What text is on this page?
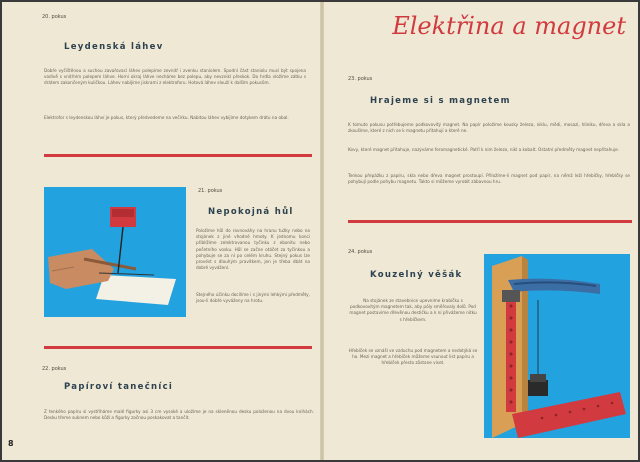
20. pokus
Leydenská láhev
Dobře vyčištěnou a suchou zavařovací láhev polepíme zevnitř i zvenku staniolem. Spodní část staniolu musí být spojena vodivě s vnitřním polepem láhve. Horní okraj láhve necháme bez polepu, aby nevznikl přeskok. Do hrdla vložíme zátku s drátem zakončeným kuličkou. Láhev nabíjíme jiskrami z elektroforu. Hotová láhev slouží k dalším pokusům.
Elektrofor s leydenskou láhví je pokus, který předvedeme na večírku. Nabitou láhev vybíjíme dotykem drátu na obal.
21. pokus
Nepokojná hůl
Položíme hůl do rovnováhy na hranu tužky nebo na stojánek z jiné vhodné hmoty. K jednomu konci přiblížíme zelektrovanou tyčinku z ebonitu nebo pečetního vosku. Hůl se začne otáčet za tyčinkou a pohybuje se za ní po celém kruhu. Stejný pokus lze provést s dlouhým pravítkem, jen je třeba dbát na dobré vyvážení.
Stejného účinku docílíme i s jinými lehkými předměty, jsou-li dobře vyváženy na hrotu.
22. pokus
Papíroví tanečníci
Z tenkého papíru si vystřiháme malé figurky asi 3 cm vysoké a uložíme je na skleněnou desku položenou na dvou knihách. Desku třeme suknem nebo kůží a figurky začnou poskakovat a tančit.
8
Elektřina a magnet
23. pokus
Hrajeme si s magnetem
K tomuto pokusu potřebujeme podkovovitý magnet. Na papír položíme kousky železa, niklu, mědi, mosazi, hliníku, dřeva a skla a zkoušíme, které z nich se k magnetu přitahují a které ne.
Kovy, které magnet přitahuje, nazýváme feromagnetické. Patří k nim železo, nikl a kobalt. Ostatní předměty magnet nepřitahuje.
Tenkou přepážku z papíru, skla nebo dřeva magnet prostoupí. Přiložíme-li magnet pod papír, na němž leží hřebíčky, hřebíčky se pohybují podle pohybu magnetu. Takto si můžeme vyrobit zábavnou hru.
24. pokus
Kouzelný věšák
Na stojánek ze stavebnice upevníme krabičku s podkovovitým magnetem tak, aby póly směřovaly dolů. Pod magnet postavíme dřevěnou destičku a k ní přivážeme nitku s hřebíčkem.
Hřebíček se vznáší ve vzduchu pod magnetem a nedotýká se ho. Mezi magnet a hřebíček můžeme vsunout list papíru a hřebíček přesto zůstane viset.
